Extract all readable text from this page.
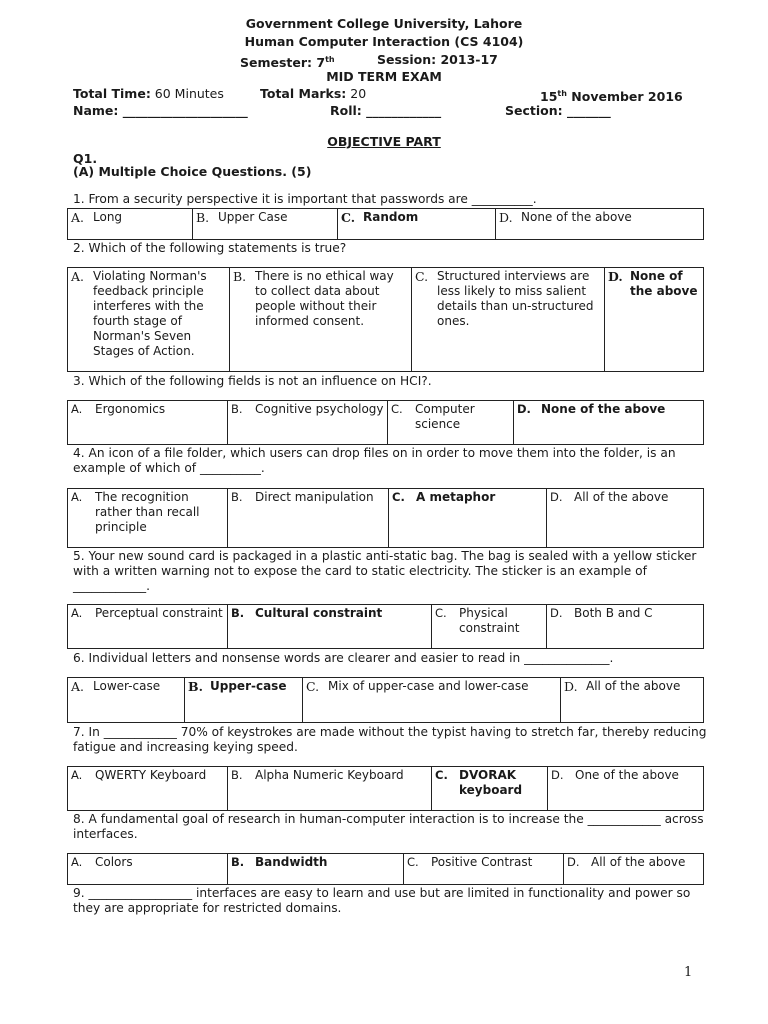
Government College University, Lahore
Human Computer Interaction (CS 4104)
Semester: 7th	Session: 2013-17
MID TERM EXAM
Total Time: 60 Minutes	Total Marks: 20	15th November 2016
Name: ____________________	Roll: ____________	Section: _______
OBJECTIVE PART
Q1.
(A) Multiple Choice Questions. (5)
1. From a security perspective it is important that passwords are __________.
A. Long	B. Upper Case	C. Random	D. None of the above
2. Which of the following statements is true?
A. Violating Norman's feedback principle interferes with the fourth stage of Norman's Seven Stages of Action.

B. There is no ethical way to collect data about people without their informed consent.

C. Structured interviews are less likely to miss salient details than un-structured ones.

D. None of the above
3. Which of the following fields is not an influence on HCI?.
A.	Ergonomics	B.	Cognitive psychology	C.	Computer science

D. None of the above
4. An icon of a file folder, which users can drop files on in order to move them into the folder, is an example of which of __________.
A.	The recognition rather than recall principle

B.	Direct manipulation	C. A metaphor	D. All of the above
5. Your new sound card is packaged in a plastic anti-static bag. The bag is sealed with a yellow sticker with a written warning not to expose the card to static electricity. The sticker is an example of ____________.
A.	Perceptual constraint	B. Cultural constraint	C.	Physical constraint

D. Both B and C
6. Individual letters and nonsense words are clearer and easier to read in ______________.
A. Lower-case	B. Upper-case	C. Mix of upper-case and lower-case	D. All of the above
7. In ____________ 70% of keystrokes are made without the typist having to stretch far, thereby reducing fatigue and increasing keying speed.
A.	QWERTY Keyboard	B.	Alpha Numeric Keyboard	C. DVORAK keyboard

D. One of the above
8. A fundamental goal of research in human-computer interaction is to increase the ____________ across interfaces.
A.	Colors	B. Bandwidth	C.	Positive Contrast	D. All of the above
9. _________________ interfaces are easy to learn and use but are limited in functionality and power so they are appropriate for restricted domains.
1
